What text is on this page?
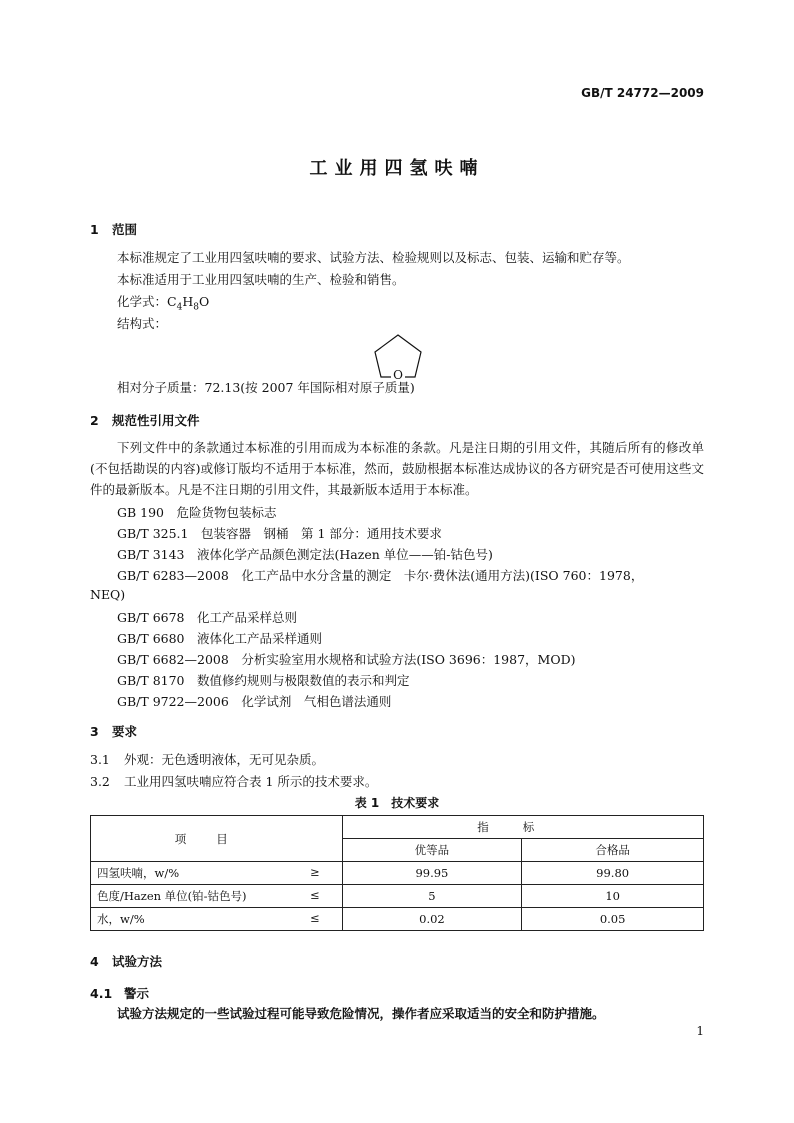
GB/T 24772—2009
工业用四氢呋喃
1 范围
本标准规定了工业用四氢呋喃的要求、试验方法、检验规则以及标志、包装、运输和贮存等。
本标准适用于工业用四氢呋喃的生产、检验和销售。
化学式：$C_4H_8O$
结构式：
O
相对分子质量：72.13(按 2007 年国际相对原子质量)
2 规范性引用文件
下列文件中的条款通过本标准的引用而成为本标准的条款。凡是注日期的引用文件，其随后所有的修改单(不包括勘误的内容)或修订版均不适用于本标准，然而，鼓励根据本标准达成协议的各方研究是否可使用这些文件的最新版本。凡是不注日期的引用文件，其最新版本适用于本标准。
GB 190　危险货物包装标志
GB/T 325.1　包装容器　钢桶　第 1 部分：通用技术要求
GB/T 3143　液体化学产品颜色测定法(Hazen 单位——铂-钴色号)
GB/T 6283—2008　化工产品中水分含量的测定　卡尔·费休法(通用方法)(ISO 760：1978，
NEQ)
GB/T 6678　化工产品采样总则
GB/T 6680　液体化工产品采样通则
GB/T 6682—2008　分析实验室用水规格和试验方法(ISO 3696：1987，MOD)
GB/T 8170　数值修约规则与极限数值的表示和判定
GB/T 9722—2006　化学试剂　气相色谱法通则
3 要求
3.1 外观：无色透明液体，无可见杂质。
3.2 工业用四氢呋喃应符合表 1 所示的技术要求。
表 1　技术要求
项目	指标	
	优等品	合格品
四氢呋喃，w/% ≥	99.95	99.80
色度/Hazen 单位(铂-钴色号) ≤	5	10
水，w/% ≤	0.02	0.05
4 试验方法
4.1 警示
试验方法规定的一些试验过程可能导致危险情况，操作者应采取适当的安全和防护措施。
1
